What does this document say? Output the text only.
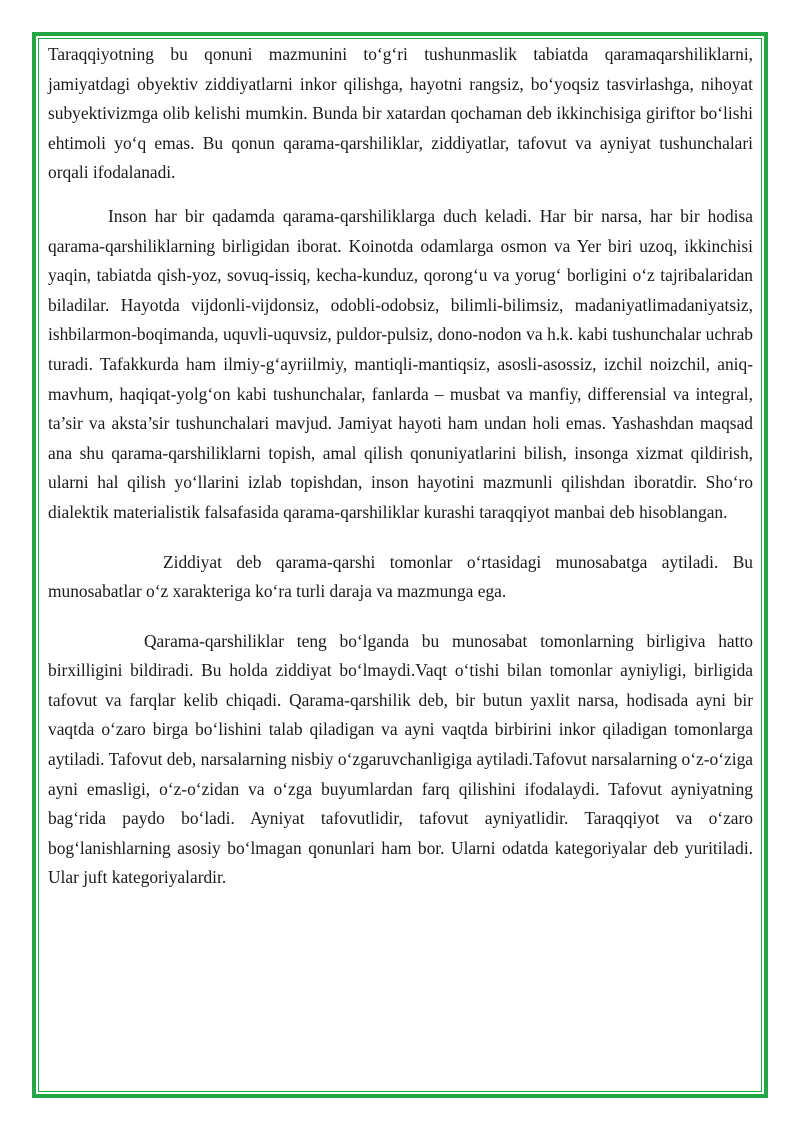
Taraqqiyotning bu qonuni mazmunini to‘g‘ri tushunmaslik tabiatda qaramaqarshiliklarni, jamiyatdagi obyektiv ziddiyatlarni inkor qilishga, hayotni rangsiz, bo‘yoqsiz tasvirlashga, nihoyat subyektivizmga olib kelishi mumkin. Bunda bir xatardan qochaman deb ikkinchisiga giriftor bo‘lishi ehtimoli yo‘q emas. Bu qonun qarama-qarshiliklar, ziddiyatlar, tafovut va ayniyat tushunchalari orqali ifodalanadi.

Inson har bir qadamda qarama-qarshiliklarga duch keladi. Har bir narsa, har bir hodisa qarama-qarshiliklarning birligidan iborat. Koinotda odamlarga osmon va Yer biri uzoq, ikkinchisi yaqin, tabiatda qish-yoz, sovuq-issiq, kecha-kunduz, qorong‘u va yorug‘ borligini o‘z tajribalaridan biladilar. Hayotda vijdonli-vijdonsiz, odobli-odobsiz, bilimli-bilimsiz, madaniyatlimadaniyatsiz, ishbilarmon-boqimanda, uquvli-uquvsiz, puldor-pulsiz, dono-nodon va h.k. kabi tushunchalar uchrab turadi. Tafakkurda ham ilmiy-g‘ayriilmiy, mantiqli-mantiqsiz, asosli-asossiz, izchil noizchil, aniq-mavhum, haqiqat-yolg‘on kabi tushunchalar, fanlarda – musbat va manfiy, differensial va integral, ta’sir va aksta’sir tushunchalari mavjud. Jamiyat hayoti ham undan holi emas. Yashashdan maqsad ana shu qarama-qarshiliklarni topish, amal qilish qonuniyatlarini bilish, insonga xizmat qildirish, ularni hal qilish yo‘llarini izlab topishdan, inson hayotini mazmunli qilishdan iboratdir. Sho‘ro dialektik materialistik falsafasida qarama-qarshiliklar kurashi taraqqiyot manbai deb hisoblangan.

Ziddiyat deb qarama-qarshi tomonlar o‘rtasidagi munosabatga aytiladi. Bu munosabatlar o‘z xarakteriga ko‘ra turli daraja va mazmunga ega.

Qarama-qarshiliklar teng bo‘lganda bu munosabat tomonlarning birligiva hatto birxilligini bildiradi. Bu holda ziddiyat bo‘lmaydi.Vaqt o‘tishi bilan tomonlar ayniyligi, birligida tafovut va farqlar kelib chiqadi. Qarama-qarshilik deb, bir butun yaxlit narsa, hodisada ayni bir vaqtda o‘zaro birga bo‘lishini talab qiladigan va ayni vaqtda birbirini inkor qiladigan tomonlarga aytiladi. Tafovut deb, narsalarning nisbiy o‘zgaruvchanligiga aytiladi.Tafovut narsalarning o‘z-o‘ziga ayni emasligi, o‘z-o‘zidan va o‘zga buyumlardan farq qilishini ifodalaydi. Tafovut ayniyatning bag‘rida paydo bo‘ladi. Ayniyat tafovutlidir, tafovut ayniyatlidir. Taraqqiyot va o‘zaro bog‘lanishlarning asosiy bo‘lmagan qonunlari ham bor. Ularni odatda kategoriyalar deb yuritiladi. Ular juft kategoriyalardir.
